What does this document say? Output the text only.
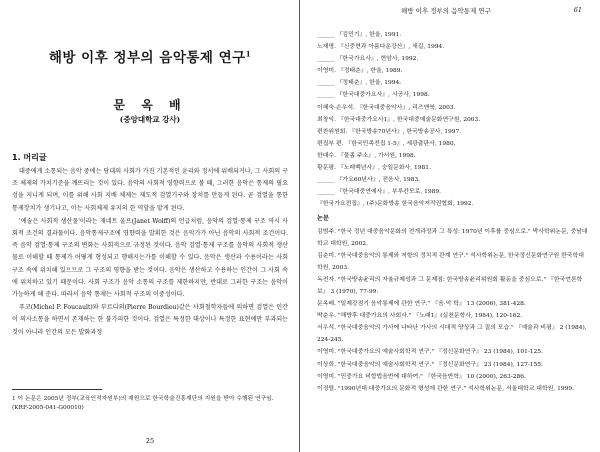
해방 이후 정부의 음악통제 연구$^1$
문 옥 배
(중앙대학교 강사)
1. 머리글

대중에게 소통되는 음악 중에는 당대의 사회가 가진 기본적인 윤리와 정서에 위배되거나, 그 사회의 구조 체제의 가치기준을 깨뜨리는 것이 있다. 음악의 사회적 영향력으로 볼 때, 그러한 음악은 통제의 필요성을 지니게 되며, 이를 위해 사회 지배 체제는 제도적 검열기구와 장치를 만들게 된다. 곧 검열을 통한 통제장치가 생기나고, 이는 사회체제 유지의 한 역할을 맡게 된다.

'예술은 사회적 생산물'이라는 재네트 울프(Janet Wolff)의 언급처럼, 음악의 검열·통제 구조 역시 사회적 조건의 결과물이다. 음악통제구조에 영향력을 발휘한 것은 음악가가 아닌 음악의 사회적 조건이다. 즉 음악 검열·통제 구조의 변화는 사회적으로 규정된 것이다. 음악 검열·통제 구조를 음악의 사회적 생산물로 이해할 때 통제가 어떻게 형성되고 행해지는가를 이해할 수 있다. 음악은 생산과 수용이라는 사회 구조 속에 위치해 있으므로 그 구조의 영향을 받는 것이다. 음악은 생산하고 수용하는 인간이 그 사회 속에 위치하고 있기 때문이다. 사회 구조가 음악 소통의 구조를 제한하지만, 반대로 그러한 구조는 음악이 가능하게 해 준다. 따라서 음악 통제는 사회적 구조의 이중성이다.

푸코(Michel P. Foucault)와 부르디외(Pierre Bourdieu)같은 사회철학자들에 의하면 검열은 인간이 의사소통을 하면서 존재하는 한 불가피한 것이다. 검열은 특정한 대상이나 특정한 표현에만 부과되는 것이 아니라 인간의 모든 발화과정

1 이 논문은 2005년 정부(교육인적자원부)의 재원으로 한국학술진흥재단의 지원을 받아 수행된 연구임. (KRF-2005-041-G00010)
25
해방 이후 정부의 음악통제 연구	61
______ 『김민기』, 한울, 1991.
노재명. 『신중현과 아름다운강산』, 새길, 1994.
______ 『한국가요사』, 현암사, 1992.
이영미. 『정태춘』, 한울, 1989.
______ 『정태춘』, 한울, 1994.
______ 『한국대중가요사』, 시공사, 1998.
이혜숙·손우석. 『한국대중음악사』, 리즈앤북, 2003.
최창익. 『한국대중가요사1』, 한국대중예술문화연구원, 2003.
편찬위원회. 『한국방송70년사』, 한국방송공사, 1997.
편집부 편. 『한국민족전집 1-5』, 세광출판사, 1980.
한대수. 『물좀 주소』, 가서원, 1998.
황문평. 『노래백년사』, 숭일문화사, 1981.
______ 『가요60년사』, 전음사, 1983.
______ 『한국대중연예사』, 부루칸모로, 1989.
『한국가요전집』, (주)문화방송 한국음악저작권협회, 1992.
논문
김범주. "한국 정년 대중음악문화의 전개과정과 그 특성: 1970년 이후를 중심으로." 박사학위논문, 중남대학교 대학원, 2002.
김춘미. "한국대중음악의 통제와 저항의 정치적 관계 연구." 석사학위논문, 한국정신문화연구원 한국학대학원, 2003.
독전자. "한국방송윤리의 자율규제성과 그 문제점: 한국방송윤리위원회 활동을 중심으로." 『한국언론학보』 3 (1970), 77-99.
문옥배. "일제강점기 음악통제에 관한 연구." 『음·악 학』 13 (2006), 381-428.
박춘우. "해방후 대중가요의 사회사." 『노래1』(실천문학사, 1984), 120-162.
서우석. "한국대중음악의 가사에 나타난 가사의 시대적 양상과 그 질의 모습." 『예술과 비평』 2 (1984), 224-245.
이영미. "한국대중가요의 예술사회학적 연구." 『정신문화연구』 23 (1984), 101-125.
이상희. "한국대중음악의 예술사회학적 연구." 『정신문화연구』 23 (1984), 127-155.
이영미. "민중가요 비합법음반에 대하여." 『한국음반학』 10 (2000), 263-286.
이정렬. "1990년대 대중가요의 문화적 형성에 관한 연구." 석사학위논문, 서울대학교 대학원, 1999.
